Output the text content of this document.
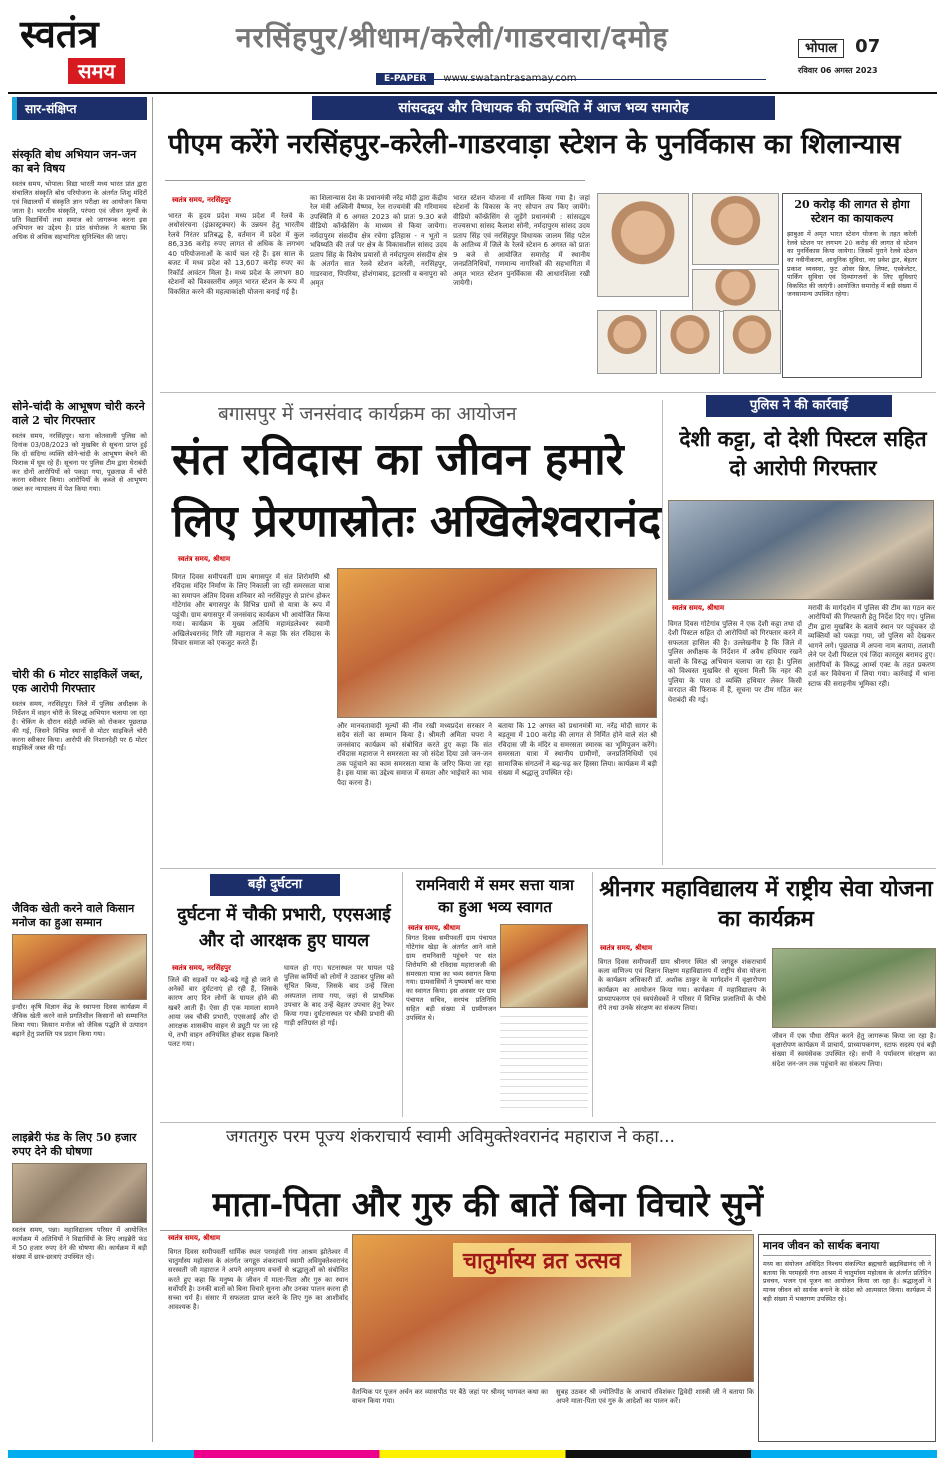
स्वतंत्र
समय
नरसिंहपुर/श्रीधाम/करेली/गाडरवारा/दमोह
E-PAPER www.swatantrasamay.com
भोपाल 07
रविवार 06 अगस्त 2023
सार-संक्षिप्त
संस्कृति बोध अभियान जन-जन का बने विषय
स्वतंत्र समय, भोपाल। विद्या भारती मध्य भारत प्रांत द्वारा संचालित संस्कृति बोध परियोजना के अंतर्गत शिशु मंदिरों एवं विद्यालयों में संस्कृति ज्ञान परीक्षा का आयोजन किया जाता है। भारतीय संस्कृति, परंपरा एवं जीवन मूल्यों के प्रति विद्यार्थियों तथा समाज को जागरूक करना इस अभियान का उद्देश्य है। प्रांत संयोजक ने बताया कि अधिक से अधिक सहभागिता सुनिश्चित की जाए।
सोने-चांदी के आभूषण चोरी करने वाले 2 चोर गिरफ्तार
स्वतंत्र समय, नरसिंहपुर। थाना कोतवाली पुलिस को दिनांक 03/08/2023 को मुखबिर से सूचना प्राप्त हुई कि दो संदिग्ध व्यक्ति सोने-चांदी के आभूषण बेचने की फिराक में घूम रहे हैं। सूचना पर पुलिस टीम द्वारा घेराबंदी कर दोनों आरोपियों को पकड़ा गया, पूछताछ में चोरी करना स्वीकार किया। आरोपियों के कब्जे से आभूषण जब्त कर न्यायालय में पेश किया गया।
चोरी की 6 मोटर साइकिलें जब्त, एक आरोपी गिरफ्तार
स्वतंत्र समय, नरसिंहपुर। जिले में पुलिस अधीक्षक के निर्देशन में वाहन चोरी के विरुद्ध अभियान चलाया जा रहा है। चेकिंग के दौरान संदेही व्यक्ति को रोककर पूछताछ की गई, जिसने विभिन्न स्थानों से मोटर साइकिलें चोरी करना स्वीकार किया। आरोपी की निशानदेही पर 6 मोटर साइकिलें जब्त की गईं।
जैविक खेती करने वाले किसान मनोज का हुआ सम्मान
इन्दौर। कृषि विज्ञान केंद्र के स्थापना दिवस कार्यक्रम में जैविक खेती करने वाले प्रगतिशील किसानों को सम्मानित किया गया। किसान मनोज को जैविक पद्धति से उत्पादन बढ़ाने हेतु प्रशस्ति पत्र प्रदान किया गया।
लाइब्रेरी फंड के लिए 50 हजार रुपए देने की घोषणा
स्वतंत्र समय, पन्ना। महाविद्यालय परिसर में आयोजित कार्यक्रम में अतिथियों ने विद्यार्थियों के लिए लाइब्रेरी फंड में 50 हजार रुपए देने की घोषणा की। कार्यक्रम में बड़ी संख्या में छात्र-छात्राएं उपस्थित रहे।
सांसदद्वय और विधायक की उपस्थिति में आज भव्य समारोह
पीएम करेंगे नरसिंहपुर-करेली-गाडरवाड़ा स्टेशन के पुनर्विकास का शिलान्यास
स्वतंत्र समय, नरसिंहपुर
भारत के हृदय प्रदेश मध्य प्रदेश में रेलवे के अधोसंरचना (इंफ्रास्ट्रक्चर) के उन्नयन हेतु भारतीय रेलवे निरंतर प्रतिबद्ध है, वर्तमान में प्रदेश में कुल 86,336 करोड़ रुपए लागत से अधिक के लगभग 40 परियोजनाओं के कार्य चल रहे हैं। इस साल के बजट में मध्य प्रदेश को 13,607 करोड़ रुपए का रिकॉर्ड आवंटन मिला है। मध्य प्रदेश के लगभग 80 स्टेशनों को विश्वस्तरीय अमृत भारत स्टेशन के रूप में विकसित करने की महत्वाकांक्षी योजना बनाई गई है।
का शिलान्यास देश के प्रधानमंत्री नरेंद्र मोदी द्वारा केंद्रीय रेल मंत्री अश्विनी वैष्णव, रेल राज्यमंत्री की गरिमामय उपस्थिति में 6 अगस्त 2023 को प्रातः 9.30 बजे वीडियो कॉन्फ्रेंसिंग के माध्यम से किया जायेगा। नर्मदापुरम संसदीय क्षेत्र रचेगा इतिहास - न भूतो न भविष्यति की तर्ज पर क्षेत्र के विकासशील सांसद उदय प्रताप सिंह के विशेष प्रयासों से नर्मदापुरम संसदीय क्षेत्र के अंतर्गत सात रेलवे स्टेशन करेली, नरसिंहपुर, गाडरवारा, पिपरिया, होशंगाबाद, इटारसी व बनापुरा को अमृत
भारत स्टेशन योजना में शामिल किया गया है। जहां स्टेशनों के विकास के नए सोपान तय किए जायेंगे। वीडियो कॉन्फ्रेंसिंग से जुड़ेंगे प्रधानमंत्री : सांसदद्वय राज्यसभा सांसद कैलाश सोनी, नर्मदापुरम सांसद उदय प्रताप सिंह एवं नरसिंहपुर विधायक जालम सिंह पटेल के आतिथ्य में जिले के रेलवे स्टेशन 6 अगस्त को प्रातः 9 बजे से आयोजित समारोह में स्थानीय जनप्रतिनिधियों, गणमान्य नागरिकों की सहभागिता में अमृत भारत स्टेशन पुनर्विकास की आधारशिला रखी जायेगी।
20 करोड़ की लागत से होगा स्टेशन का कायाकल्प
झाबुआ में अमृत भारत स्टेशन योजना के तहत करेली रेलवे स्टेशन पर लगभग 20 करोड़ की लागत से स्टेशन का पुनर्विकास किया जायेगा। जिसमें पुराने रेलवे स्टेशन का नवीनीकरण, आधुनिक सुविधा, नए प्रवेश द्वार, बेहतर प्रकाश व्यवस्था, फुट ओवर ब्रिज, लिफ्ट, एस्केलेटर, पार्किंग सुविधा एवं दिव्यांगजनों के लिए सुविधाएं विकसित की जाएंगी। आयोजित समारोह में बड़ी संख्या में जनसामान्य उपस्थित रहेगा।
बगासपुर में जनसंवाद कार्यक्रम का आयोजन
संत रविदास का जीवन हमारे
लिए प्रेरणास्रोतः अखिलेश्वरानंद
स्वतंत्र समय, श्रीधाम
विगत दिवस समीपवर्ती ग्राम बगासपुर में संत शिरोमणि श्री रविदास मंदिर निर्माण के लिए निकाली जा रही समरसता यात्रा का समापन अंतिम दिवस शनिवार को नरसिंहपुर से प्रारंभ होकर गोटेगांव और बगासपुर के विभिन्न ग्रामों से यात्रा के रूप में पहुंची। ग्राम बगासपुर में जनसंवाद कार्यक्रम भी आयोजित किया गया। कार्यक्रम के मुख्य अतिथि महामंडलेश्वर स्वामी अखिलेश्वरानंद गिरि जी महाराज ने कहा कि संत रविदास के विचार समाज को एकजुट करते हैं।
और मानवतावादी मूल्यों की नींव रखी मध्यप्रदेश सरकार ने सदैव संतों का सम्मान किया है। श्रीमती अमिता चपरा ने जनसंवाद कार्यक्रम को संबोधित करते हुए कहा कि संत रविदास महाराज ने समरसता का जो संदेश दिया उसे जन-जन तक पहुंचाने का काम समरसता यात्रा के जरिए किया जा रहा है। इस यात्रा का उद्देश्य समाज में समता और भाईचारे का भाव पैदा करना है।
बताया कि 12 अगस्त को प्रधानमंत्री मा. नरेंद्र मोदी सागर के बड़तूमा में 100 करोड़ की लागत से निर्मित होने वाले संत श्री रविदास जी के मंदिर व समरसता स्मारक का भूमिपूजन करेंगे। समरसता यात्रा में स्थानीय ग्रामीणों, जनप्रतिनिधियों एवं सामाजिक संगठनों ने बढ़-चढ़ कर हिस्सा लिया। कार्यक्रम में बड़ी संख्या में श्रद्धालु उपस्थित रहे।
पुलिस ने की कार्रवाई
देशी कट्टा, दो देशी पिस्टल सहित दो आरोपी गिरफ्तार
स्वतंत्र समय, श्रीधाम
विगत दिवस गोटेगांव पुलिस ने एक देशी कट्टा तथा दो देशी पिस्टल सहित दो आरोपियों को गिरफ्तार करने में सफलता हासिल की है। उल्लेखनीय है कि जिले में पुलिस अधीक्षक के निर्देशन में अवैध हथियार रखने वालों के विरुद्ध अभियान चलाया जा रहा है। पुलिस को विश्वस्त मुखबिर से सूचना मिली कि नहर की पुलिया के पास दो व्यक्ति हथियार लेकर किसी वारदात की फिराक में हैं, सूचना पर टीम गठित कर घेराबंदी की गई।
मरावी के मार्गदर्शन में पुलिस की टीम का गठन कर आरोपियों की गिरफ्तारी हेतु निर्देश दिए गए। पुलिस टीम द्वारा मुखबिर के बताये स्थान पर पहुंचकर दो व्यक्तियों को पकड़ा गया, जो पुलिस को देखकर भागने लगे। पूछताछ में अपना नाम बताया, तलाशी लेने पर देशी पिस्टल एवं जिंदा कारतूस बरामद हुए। आरोपियों के विरुद्ध आर्म्स एक्ट के तहत प्रकरण दर्ज कर विवेचना में लिया गया। कार्रवाई में थाना स्टाफ की सराहनीय भूमिका रही।
बड़ी दुर्घटना
दुर्घटना में चौकी प्रभारी, एएसआई और दो आरक्षक हुए घायल
स्वतंत्र समय, नरसिंहपुर
जिले की सड़कों पर बढ़े-बढ़े गड्ढे हो जाने से अनेकों बार दुर्घटनाएं हो रही हैं, जिसके कारण आए दिन लोगों के घायल होने की खबरें आती हैं। ऐसा ही एक मामला सामने आया जब चौकी प्रभारी, एएसआई और दो आरक्षक शासकीय वाहन से ड्यूटी पर जा रहे थे, तभी वाहन अनियंत्रित होकर सड़क किनारे पलट गया।
घायल हो गए। घटनास्थल पर घायल पड़े पुलिस कर्मियों को लोगों ने उठाकर पुलिस को सूचित किया, जिसके बाद उन्हें जिला अस्पताल लाया गया, जहां से प्राथमिक उपचार के बाद उन्हें बेहतर उपचार हेतु रेफर किया गया। दुर्घटनास्थल पर चौकी प्रभारी की गाड़ी क्षतिग्रस्त हो गई।
रामनिवारी में समर सत्ता यात्रा का हुआ भव्य स्वागत
स्वतंत्र समय, श्रीधाम
विगत दिवस समीपवर्ती ग्राम पंचायत गोटेगांव खेड़ा के अंतर्गत आने वाले ग्राम रामनिवारी पहुंचने पर संत शिरोमणि श्री रविदास महाराजजी की समरसता यात्रा का भव्य स्वागत किया गया। ग्रामवासियों ने पुष्पवर्षा कर यात्रा का स्वागत किया। इस अवसर पर ग्राम पंचायत सचिव, सरपंच प्रतिनिधि सहित बड़ी संख्या में ग्रामीणजन उपस्थित थे।
श्रीनगर महाविद्यालय में राष्ट्रीय सेवा योजना का कार्यक्रम
स्वतंत्र समय, श्रीधाम
विगत दिवस समीपवर्ती ग्राम श्रीनगर स्थित श्री जगद्गुरु शंकराचार्य कला वाणिज्य एवं विज्ञान शिक्षण महाविद्यालय में राष्ट्रीय सेवा योजना के कार्यक्रम अधिकारी डॉ. अशोक ठाकुर के मार्गदर्शन में वृक्षारोपण कार्यक्रम का आयोजन किया गया। कार्यक्रम में महाविद्यालय के प्राध्यापकगण एवं स्वयंसेवकों ने परिसर में विभिन्न प्रजातियों के पौधे रोपे तथा उनके संरक्षण का संकल्प लिया।
जीवन में एक पौधा रोपित करने हेतु जागरूक किया जा रहा है। वृक्षारोपण कार्यक्रम में प्राचार्य, प्राध्यापकगण, स्टाफ सदस्य एवं बड़ी संख्या में स्वयंसेवक उपस्थित रहे। सभी ने पर्यावरण संरक्षण का संदेश जन-जन तक पहुंचाने का संकल्प लिया।
जगतगुरु परम पूज्य शंकराचार्य स्वामी अविमुक्तेश्वरानंद महाराज ने कहा...
माता-पिता और गुरु की बातें बिना विचारे सुनें
स्वतंत्र समय, श्रीधाम
विगत दिवस समीपवर्ती धार्मिक स्थल परमहंसी गंगा आश्रम झोतेश्वर में चातुर्मास्य महोत्सव के अंतर्गत जगद्गुरु शंकराचार्य स्वामी अविमुक्तेश्वरानंद सरस्वती जी महाराज ने अपने अमृतमय वचनों से श्रद्धालुओं को संबोधित करते हुए कहा कि मनुष्य के जीवन में माता-पिता और गुरु का स्थान सर्वोपरि है। उनकी बातों को बिना विचारे सुनना और उनका पालन करना ही सच्चा धर्म है। संसार में सफलता प्राप्त करने के लिए गुरु का आशीर्वाद आवश्यक है।
चातुर्मास्य व्रत उत्सव
वैतन्यिक पर पूजन अर्चन कर व्यासपीठ पर बैठे जहां पर श्रीमद् भागवत कथा का वाचन किया गया।
सुबह उठकर श्री ज्योतिपीठ के आचार्य रविशंकर द्विवेदी शास्त्री जी ने बताया कि अपने माता-पिता एवं गुरु के आदेशों का पालन करें।
मानव जीवन को सार्थक बनाया
मध्य का संयोजन अविदित निश्चय संकल्पित ब्रह्मचारी ब्रह्मविद्यानंद जी ने बताया कि परमहंसी गंगा आश्रम में चातुर्मास्य महोत्सव के अंतर्गत प्रतिदिन प्रवचन, भजन एवं पूजन का आयोजन किया जा रहा है। श्रद्धालुओं ने मानव जीवन को सार्थक बनाने के संदेश को आत्मसात किया। कार्यक्रम में बड़ी संख्या में भक्तगण उपस्थित रहे।
